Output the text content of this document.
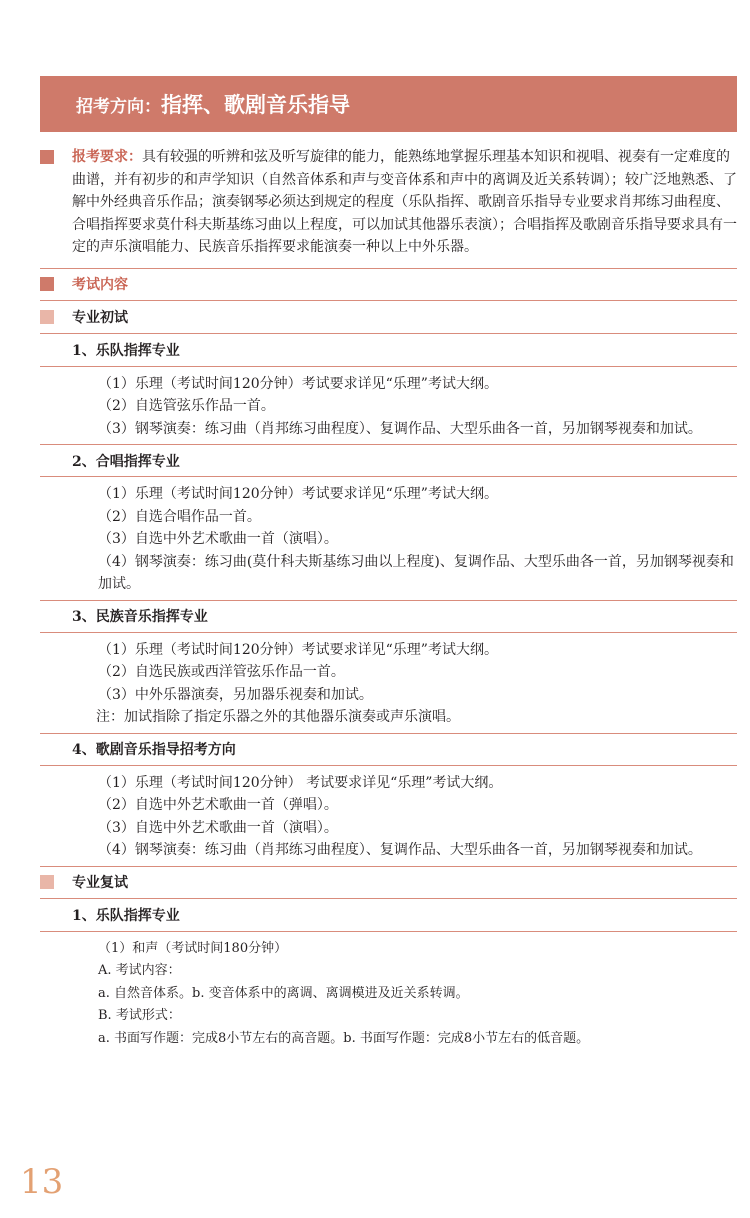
招考方向： 指挥、歌剧音乐指导
报考要求：具有较强的听辨和弦及听写旋律的能力，能熟练地掌握乐理基本知识和视唱、视奏有一定难度的曲谱，并有初步的和声学知识（自然音体系和声与变音体系和声中的离调及近关系转调）；较广泛地熟悉、了解中外经典音乐作品；演奏钢琴必须达到规定的程度（乐队指挥、歌剧音乐指导专业要求肖邦练习曲程度、合唱指挥要求莫什科夫斯基练习曲以上程度，可以加试其他器乐表演）；合唱指挥及歌剧音乐指导要求具有一定的声乐演唱能力、民族音乐指挥要求能演奏一种以上中外乐器。
考试内容
专业初试
1、乐队指挥专业
（1）乐理（考试时间120分钟）考试要求详见“乐理”考试大纲。
（2）自选管弦乐作品一首。
（3）钢琴演奏：练习曲（肖邦练习曲程度）、复调作品、大型乐曲各一首，另加钢琴视奏和加试。
2、合唱指挥专业
（1）乐理（考试时间120分钟）考试要求详见“乐理”考试大纲。
（2）自选合唱作品一首。
（3）自选中外艺术歌曲一首（演唱）。
（4）钢琴演奏：练习曲(莫什科夫斯基练习曲以上程度)、复调作品、大型乐曲各一首，另加钢琴视奏和加试。
3、民族音乐指挥专业
（1）乐理（考试时间120分钟）考试要求详见“乐理”考试大纲。
（2）自选民族或西洋管弦乐作品一首。
（3）中外乐器演奏，另加器乐视奏和加试。
注：加试指除了指定乐器之外的其他器乐演奏或声乐演唱。
4、歌剧音乐指导招考方向
（1）乐理（考试时间120分钟） 考试要求详见“乐理”考试大纲。
（2）自选中外艺术歌曲一首（弹唱）。
（3）自选中外艺术歌曲一首（演唱）。
（4）钢琴演奏：练习曲（肖邦练习曲程度）、复调作品、大型乐曲各一首，另加钢琴视奏和加试。
专业复试
1、乐队指挥专业
（1）和声（考试时间180分钟）
A. 考试内容：
a. 自然音体系。b. 变音体系中的离调、离调模进及近关系转调。
B. 考试形式：
a. 书面写作题：完成8小节左右的高音题。b. 书面写作题：完成8小节左右的低音题。
13
